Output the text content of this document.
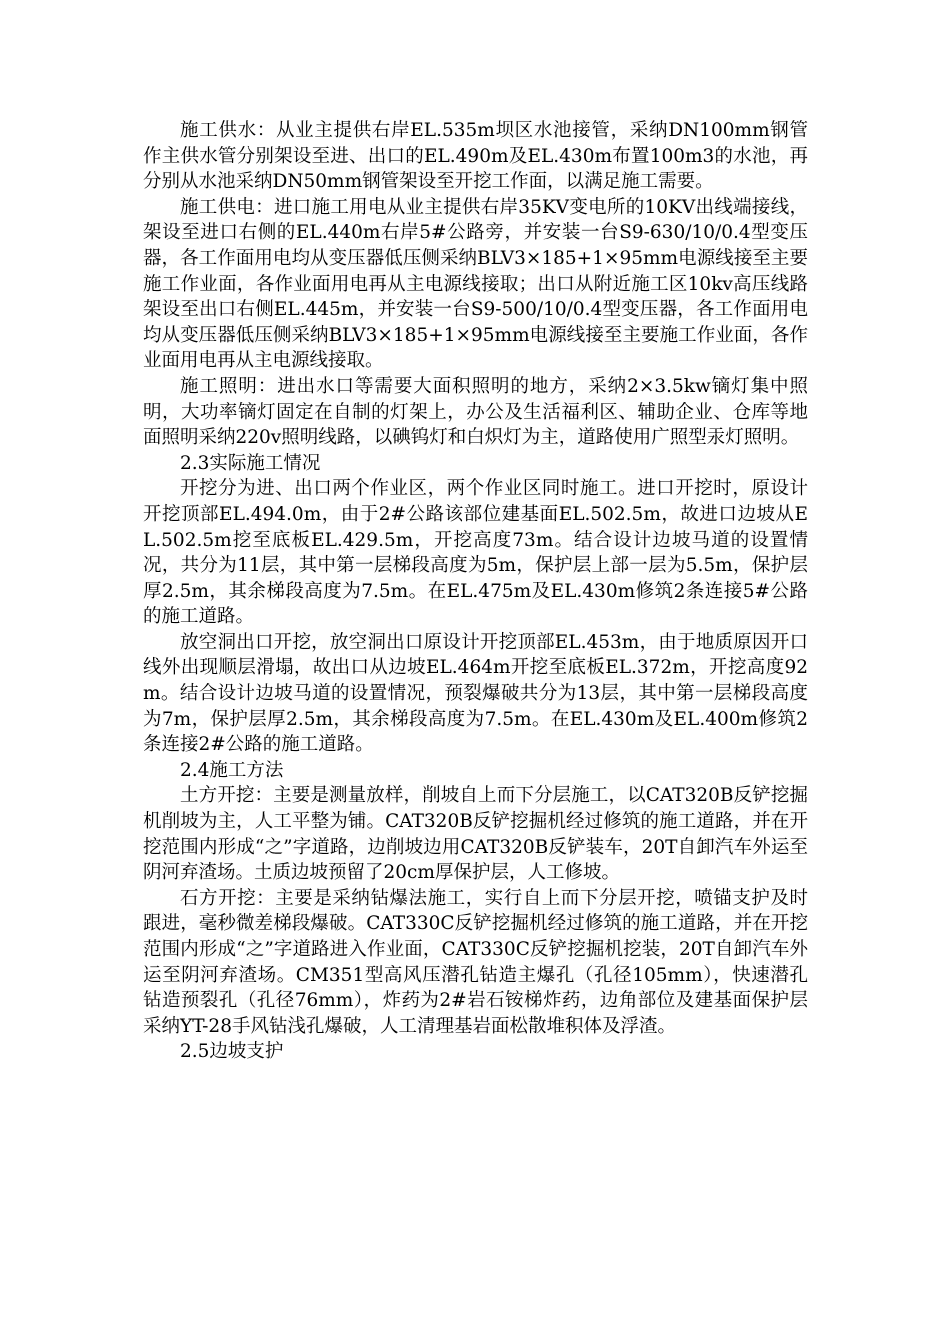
施工供水：从业主提供右岸EL.535m坝区水池接管，采纳DN100mm钢管作主供水管分别架设至进、出口的EL.490m及EL.430m布置100m3的水池，再分别从水池采纳DN50mm钢管架设至开挖工作面，以满足施工需要。

施工供电：进口施工用电从业主提供右岸35KV变电所的10KV出线端接线，架设至进口右侧的EL.440m右岸5#公路旁，并安装一台S9-630/10/0.4型变压器，各工作面用电均从变压器低压侧采纳BLV3×185+1×95mm电源线接至主要施工作业面，各作业面用电再从主电源线接取；出口从附近施工区10kv高压线路架设至出口右侧EL.445m，并安装一台S9-500/10/0.4型变压器，各工作面用电均从变压器低压侧采纳BLV3×185+1×95mm电源线接至主要施工作业面，各作业面用电再从主电源线接取。

施工照明：进出水口等需要大面积照明的地方，采纳2×3.5kw镝灯集中照明，大功率镝灯固定在自制的灯架上，办公及生活福利区、辅助企业、仓库等地面照明采纳220v照明线路，以碘钨灯和白炽灯为主，道路使用广照型汞灯照明。

2.3实际施工情况

开挖分为进、出口两个作业区，两个作业区同时施工。进口开挖时，原设计开挖顶部EL.494.0m，由于2#公路该部位建基面EL.502.5m，故进口边坡从EL.502.5m挖至底板EL.429.5m，开挖高度73m。结合设计边坡马道的设置情况，共分为11层，其中第一层梯段高度为5m，保护层上部一层为5.5m，保护层厚2.5m，其余梯段高度为7.5m。在EL.475m及EL.430m修筑2条连接5#公路的施工道路。

放空洞出口开挖，放空洞出口原设计开挖顶部EL.453m，由于地质原因开口线外出现顺层滑塌，故出口从边坡EL.464m开挖至底板EL.372m，开挖高度92m。结合设计边坡马道的设置情况，预裂爆破共分为13层，其中第一层梯段高度为7m，保护层厚2.5m，其余梯段高度为7.5m。在EL.430m及EL.400m修筑2条连接2#公路的施工道路。

2.4施工方法

土方开挖：主要是测量放样，削坡自上而下分层施工，以CAT320B反铲挖掘机削坡为主，人工平整为铺。CAT320B反铲挖掘机经过修筑的施工道路，并在开挖范围内形成“之”字道路，边削坡边用CAT320B反铲装车，20T自卸汽车外运至阴河弃渣场。土质边坡预留了20cm厚保护层，人工修坡。

石方开挖：主要是采纳钻爆法施工，实行自上而下分层开挖，喷锚支护及时跟进，毫秒微差梯段爆破。CAT330C反铲挖掘机经过修筑的施工道路，并在开挖范围内形成“之”字道路进入作业面，CAT330C反铲挖掘机挖装，20T自卸汽车外运至阴河弃渣场。CM351型高风压潜孔钻造主爆孔（孔径105mm），快速潜孔钻造预裂孔（孔径76mm），炸药为2#岩石铵梯炸药，边角部位及建基面保护层采纳YT-28手风钻浅孔爆破，人工清理基岩面松散堆积体及浮渣。

2.5边坡支护
